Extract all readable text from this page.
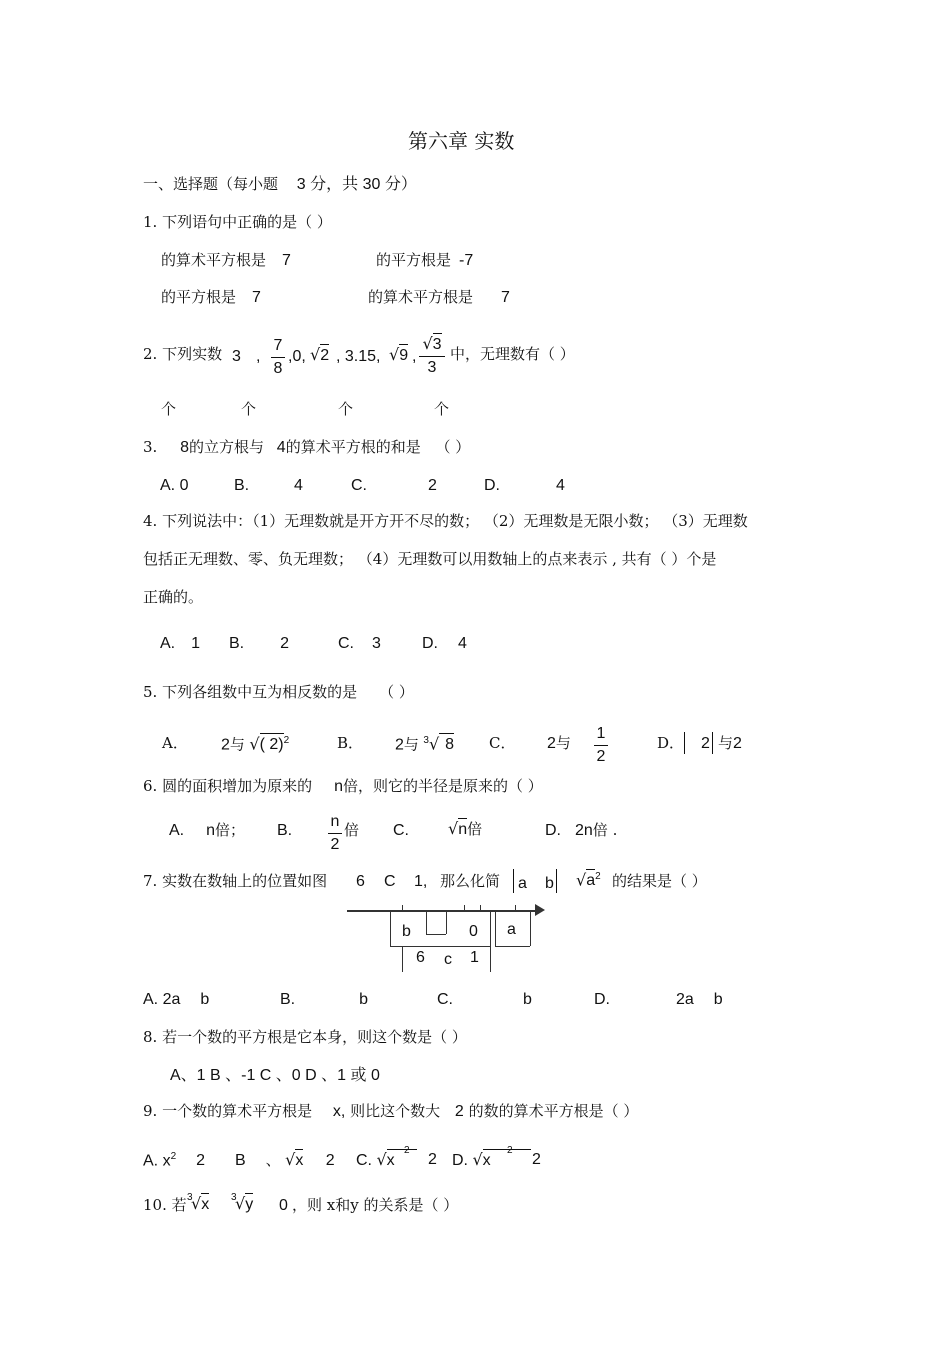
第六章 实数
一、选择题（每小题 3 分，共 30 分）
1. 下列语句中正确的是（ ）
的算术平方根是 7	的平方根是 -7
的平方根是 7	的算术平方根是 7
2. 下列实数 3 , $\frac{7}{8} ,0$, √2 , 3.15, √9 , $\frac{√3}{3}$ 中，无理数有（ ）
个	个	个	个
3. 8的立方根与 4的算术平方根的和是 （ ）
A. 0	B.	4	C.	2	D.	4
4. 下列说法中：（1）无理数就是开方开不尽的数； （2）无理数是无限小数； （3）无理数
包括正无理数、零、负无理数； （4）无理数可以用数轴上的点来表示 , 共有（ ）个是
正确的。
A. 1 B. 2	C. 3	D. 4
5. 下列各组数中互为相反数的是 （ ）
A． 2与 √( 2)$^2$	B． 2与 $^3$√ 8 C． 2与 $\frac{1}{2}$	D． 2 与2
6. 圆的面积增加为原来的 n倍，则它的半径是原来的（ ）
A. n倍； B. $\frac{n}{2}$ 倍 C. √n倍	D. 2n倍 .
7. 实数在数轴上的位置如图 6 C 1, 那么化简 a b $√a^2$ 的结果是（ ）
b	0 a
6 c 1
A. 2a b	B.	b	C.	b	D.	2a b
8. 若一个数的平方根是它本身，则这个数是（ ）
A、1 B 、-1 C 、0 D 、1 或 0
9. 一个数的算术平方根是 x, 则比这个数大 2 的数的算术平方根是（ ）
A. $x^2$ 2 B 、 √x 2 C. √x
2
2 D. √x
2
2
10. 若 3
√x 3
√y 0 ，则 x和y 的关系是（ ）
